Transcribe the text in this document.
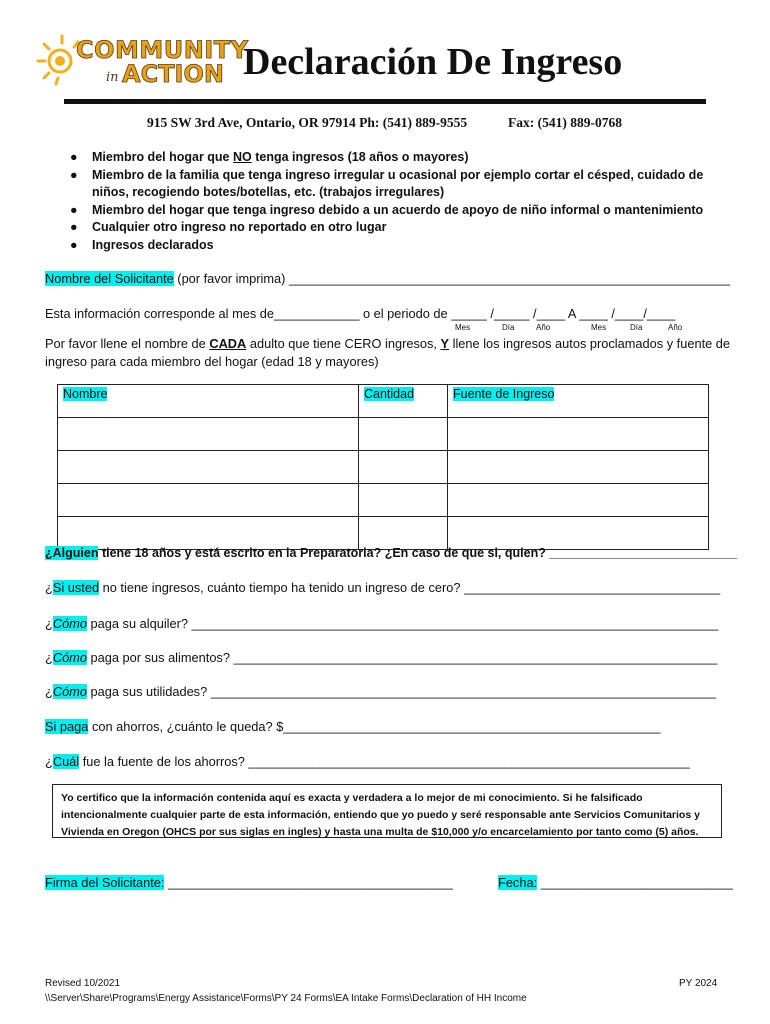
COMMUNITY
in ACTION Declaración De Ingreso
915 SW 3rd Ave, Ontario, OR 97914 Ph: (541) 889-9555	Fax: (541) 889-0768
● Miembro del hogar que NO tenga ingresos (18 años o mayores)
● Miembro de la familia que tenga ingreso irregular u ocasional por ejemplo cortar el césped, cuidado de niños, recogiendo botes/botellas, etc. (trabajos irregulares)
● Miembro del hogar que tenga ingreso debido a un acuerdo de apoyo de niño informal o mantenimiento
● Cualquier otro ingreso no reportado en otro lugar
● Ingresos declarados
Nombre del Solicitante (por favor imprima) ______________________________________________________________
Esta información corresponde al mes de____________ o el periodo de _____ /_____ /____ A ____ /____/____
Mes	Día	Año	Mes	Día	Año
Por favor llene el nombre de CADA adulto que tiene CERO ingresos, Y llene los ingresos autos proclamados y fuente de
ingreso para cada miembro del hogar (edad 18 y mayores)
Nombre	Cantidad	Fuente de Ingreso

¿Alguien tiene 18 años y está escrito en la Preparatoria? ¿En caso de que si, quien? ___________________________
¿Si usted no tiene ingresos, cuánto tiempo ha tenido un ingreso de cero? ____________________________________
¿Cómo paga su alquiler? __________________________________________________________________________
¿Cómo paga por sus alimentos? ____________________________________________________________________
¿Cómo paga sus utilidades? _______________________________________________________________________
Si paga con ahorros, ¿cuánto le queda? $_____________________________________________________
¿Cuál fue la fuente de los ahorros? ______________________________________________________________
Yo certifico que la información contenida aquí es exacta y verdadera a lo mejor de mi conocimiento. Si he falsificado intencionalmente cualquier parte de esta información, entiendo que yo puedo y seré responsable ante Servicios Comunitarios y Vivienda en Oregon (OHCS por sus siglas en ingles) y hasta una multa de $10,000 y/o encarcelamiento por tanto como (5) años.
Firma del Solicitante: ________________________________________	Fecha: ___________________________
Revised 10/2021
\\Server\Share\Programs\Energy Assistance\Forms\PY 24 Forms\EA Intake Forms\Declaration of HH Income
PY 2024
